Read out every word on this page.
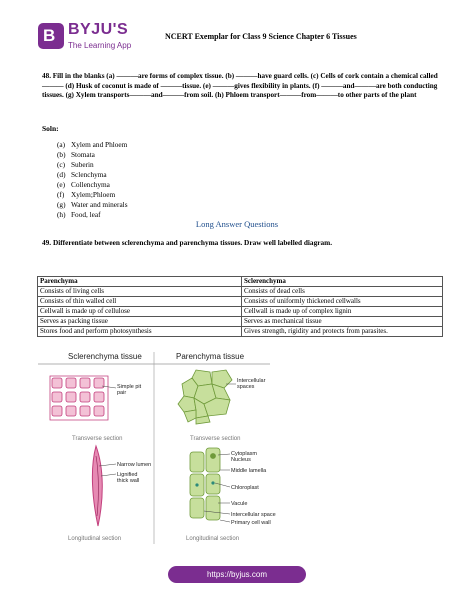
B BYJU'S
The Learning App
NCERT Exemplar for Class 9 Science Chapter 6 Tissues
48. Fill in the blanks (a) ———are forms of complex tissue. (b) ———have guard cells. (c) Cells of cork contain a chemical called——— (d) Husk of coconut is made of ———tissue. (e) ———gives flexibility in plants. (f) ———and———are both conducting tissues. (g) Xylem transports———and———from soil. (h) Phloem transport———from———to other parts of the plant
Soln:
(a) Xylem and Phloem
(b) Stomata
(c) Suberin
(d) Sclenchyma
(e) Collenchyma
(f) Xylem;Phloem
(g) Water and minerals
(h) Food, leaf
Long Answer Questions
49. Differentiate between sclerenchyma and parenchyma tissues. Draw well labelled diagram.
Parenchyma	Sclerenchyma
Consists of living cells	Consists of dead cells
Consists of thin walled cell	Consists of uniformly thickened cellwalls
Cellwall is made up of cellulose	Cellwall is made up of complex lignin
Serves as packing tissue	Serves as mechanical tissue
Stores food and perform photosynthesis	Gives strength, rigidity and protects from parasites.
Sclerenchyma tissue	Parenchyma tissue
Simple pit
pair
Transverse section
Narrow lumen
Lignified
thick wall
Longitudinal section
Intercellular
spaces
Transverse section
Cytoplasm
Nucleus
Middle lamella
Chloroplast
Vacule
Intercellular space
Primary cell wall
Longitudinal section
https://byjus.com
